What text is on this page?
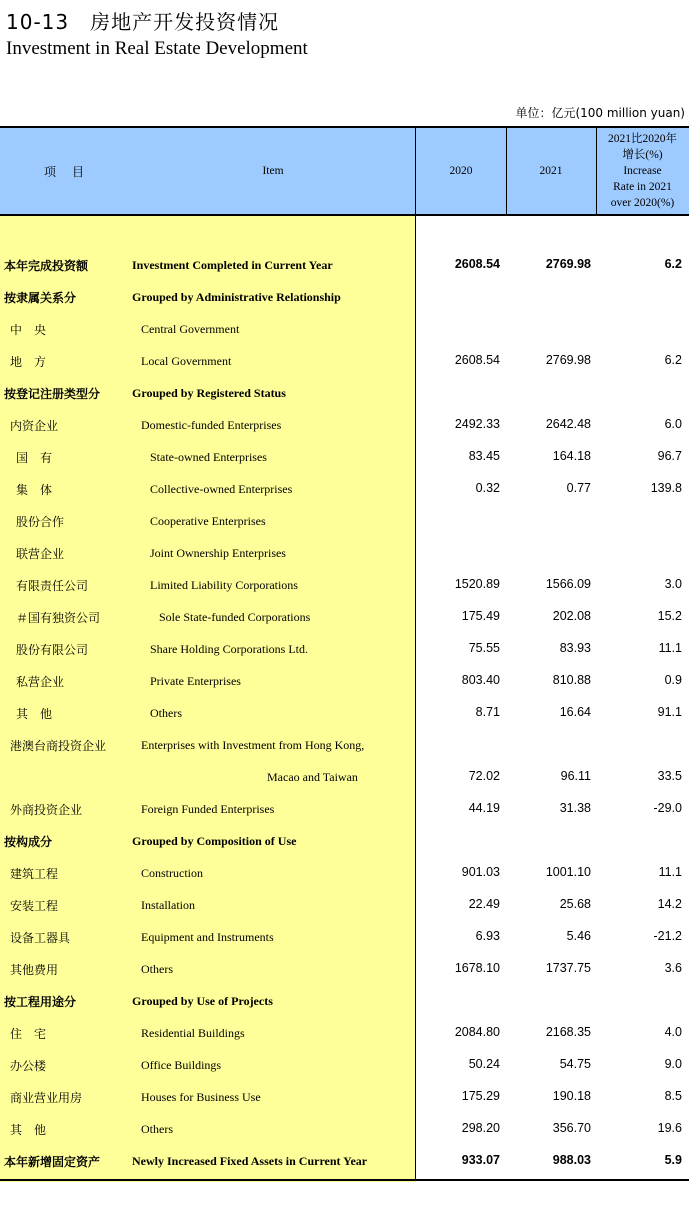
10-13　房地产开发投资情况
Investment in Real Estate Development
单位：亿元(100 million yuan)
项　目	Item	2020	2021
2021比2020年
增长(%)
Increase
Rate in 2021
over 2020(%)
本年完成投资额	Investment Completed in Current Year	2608.54	2769.98	6.2
按隶属关系分	Grouped by Administrative Relationship
中　央	Central Government
地　方	Local Government	2608.54	2769.98	6.2
按登记注册类型分	Grouped by Registered Status
内资企业	Domestic-funded Enterprises	2492.33	2642.48	6.0
国　有	State-owned Enterprises	83.45	164.18	96.7
集　体	Collective-owned Enterprises	0.32	0.77	139.8
股份合作	Cooperative Enterprises
联营企业	Joint Ownership Enterprises
有限责任公司	Limited Liability Corporations	1520.89	1566.09	3.0
＃国有独资公司	Sole State-funded Corporations	175.49	202.08	15.2
股份有限公司	Share Holding Corporations Ltd.	75.55	83.93	11.1
私营企业	Private Enterprises	803.40	810.88	0.9
其　他	Others	8.71	16.64	91.1
港澳台商投资企业	Enterprises with Investment from Hong Kong,
Macao and Taiwan	72.02	96.11	33.5
外商投资企业	Foreign Funded Enterprises	44.19	31.38	-29.0
按构成分	Grouped by Composition of Use
建筑工程	Construction	901.03	1001.10	11.1
安装工程	Installation	22.49	25.68	14.2
设备工器具	Equipment and Instruments	6.93	5.46	-21.2
其他费用	Others	1678.10	1737.75	3.6
按工程用途分	Grouped by Use of Projects
住　宅	Residential Buildings	2084.80	2168.35	4.0
办公楼	Office Buildings	50.24	54.75	9.0
商业营业用房	Houses for Business Use	175.29	190.18	8.5
其　他	Others	298.20	356.70	19.6
本年新增固定资产	Newly Increased Fixed Assets in Current Year	933.07	988.03	5.9
